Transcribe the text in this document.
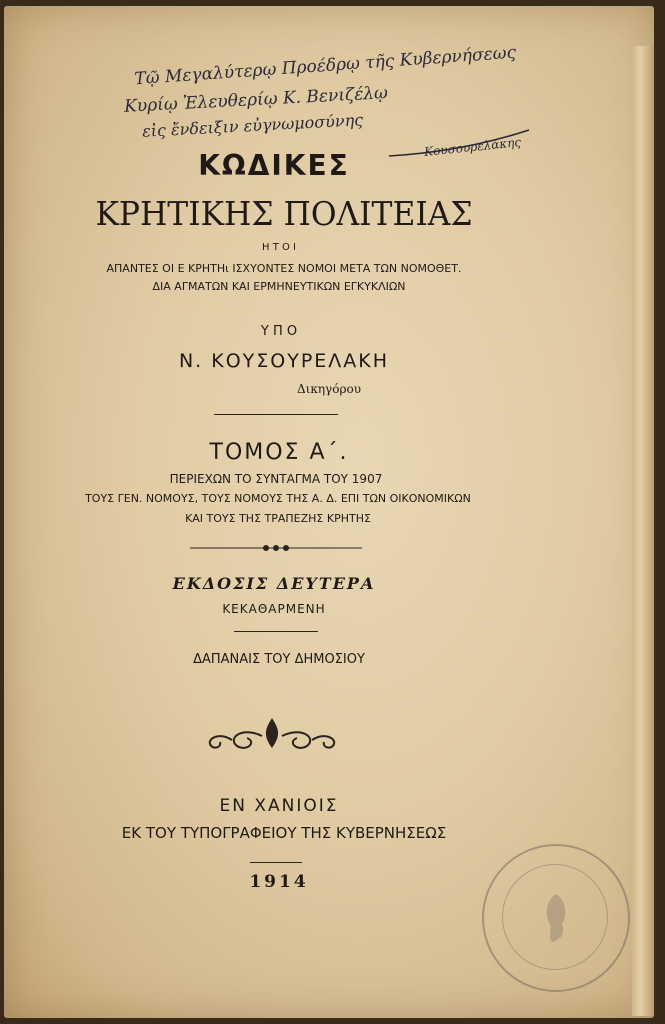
Τῷ Μεγαλύτερῳ Προέδρῳ τῆς Κυβερνήσεως
Κυρίῳ Ἐλευθερίῳ Κ. Βενιζέλῳ
εἰς ἔνδειξιν εὐγνωμοσύνης
Κουσουρελάκης
ΚΩΔΙΚΕΣ
ΚΡΗΤΙΚΗΣ ΠΟΛΙΤΕΙΑΣ
Η Τ Ο Ι
ΑΠΑΝΤΕΣ ΟΙ Ε ΚΡΗΤΗι ΙΣΧΥΟΝΤΕΣ ΝΟΜΟΙ ΜΕΤΑ ΤΩΝ ΝΟΜΟΘΕΤ.
ΔΙΑ ΑΓΜΑΤΩΝ ΚΑΙ ΕΡΜΗΝΕΥΤΙΚΩΝ ΕΓΚΥΚΛΙΩΝ
Υ Π Ο
Ν. ΚΟΥΣΟΥΡΕΛΑΚΗ
Δικηγόρου
ΤΟΜΟΣ Α΄.
ΠΕΡΙΕΧΩΝ ΤΟ ΣΥΝΤΑΓΜΑ ΤΟΥ 1907
ΤΟΥΣ ΓΕΝ. ΝΟΜΟΥΣ, ΤΟΥΣ ΝΟΜΟΥΣ ΤΗΣ Α. Δ. ΕΠΙ ΤΩΝ ΟΙΚΟΝΟΜΙΚΩΝ
ΚΑΙ ΤΟΥΣ ΤΗΣ ΤΡΑΠΕΖΗΣ ΚΡΗΤΗΣ
ΕΚΔΟΣΙΣ ΔΕΥΤΕΡΑ
ΚΕΚΑΘΑΡΜΕΝΗ
ΔΑΠΑΝΑΙΣ ΤΟΥ ΔΗΜΟΣΙΟΥ
ΕΝ ΧΑΝΙΟΙΣ
ΕΚ ΤΟΥ ΤΥΠΟΓΡΑΦΕΙΟΥ ΤΗΣ ΚΥΒΕΡΝΗΣΕΩΣ
1914
